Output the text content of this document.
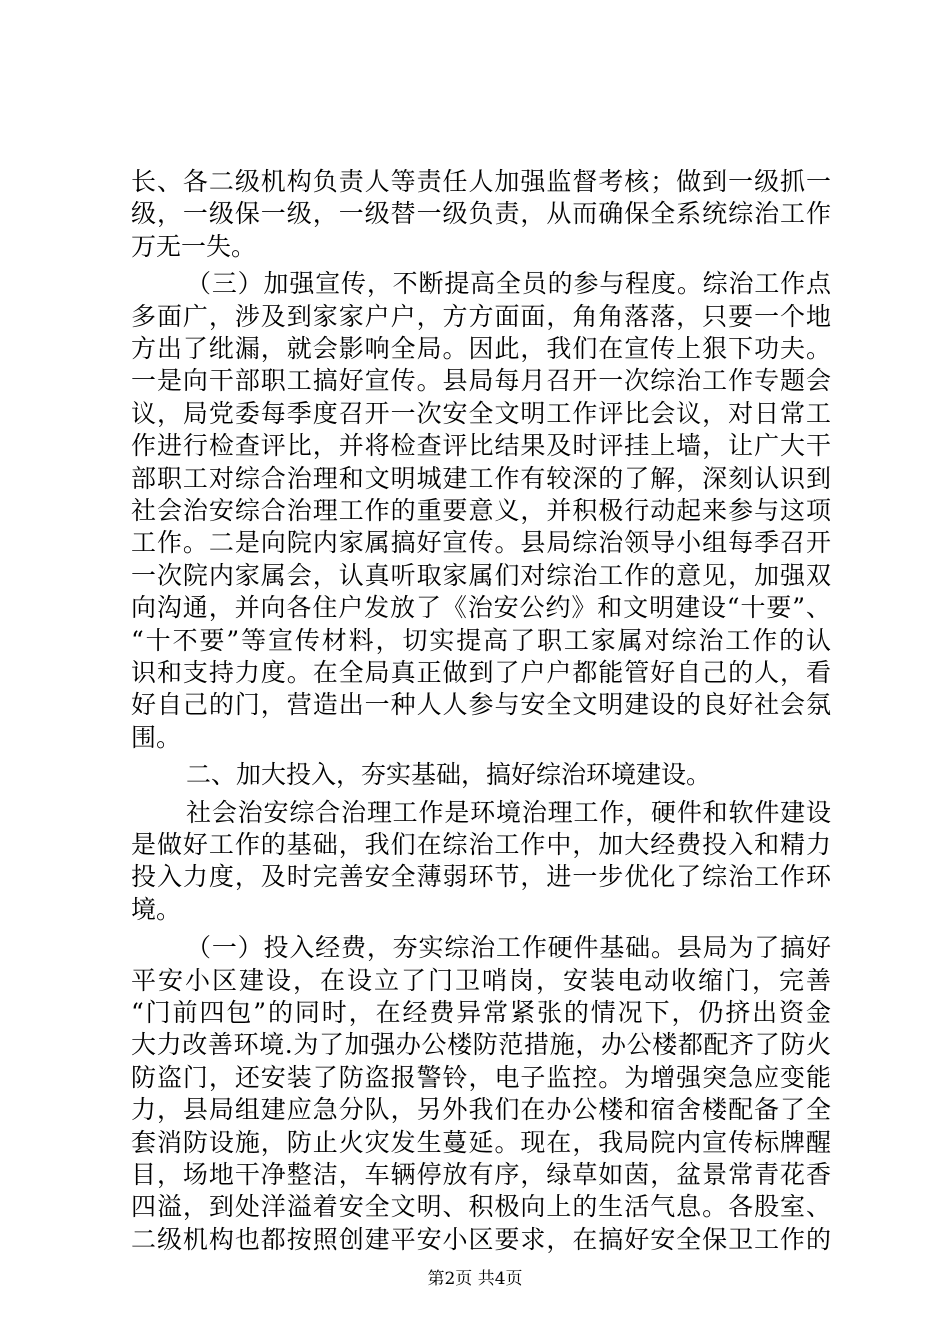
长、各二级机构负责人等责任人加强监督考核；做到一级抓一
级，一级保一级，一级替一级负责，从而确保全系统综治工作
万无一失。
（三）加强宣传，不断提高全员的参与程度。综治工作点
多面广，涉及到家家户户，方方面面，角角落落，只要一个地
方出了纰漏，就会影响全局。因此，我们在宣传上狠下功夫。
一是向干部职工搞好宣传。县局每月召开一次综治工作专题会
议，局党委每季度召开一次安全文明工作评比会议，对日常工
作进行检查评比，并将检查评比结果及时评挂上墙，让广大干
部职工对综合治理和文明城建工作有较深的了解，深刻认识到
社会治安综合治理工作的重要意义，并积极行动起来参与这项
工作。二是向院内家属搞好宣传。县局综治领导小组每季召开
一次院内家属会，认真听取家属们对综治工作的意见，加强双
向沟通，并向各住户发放了《治安公约》和文明建设“十要”、
“十不要”等宣传材料，切实提高了职工家属对综治工作的认
识和支持力度。在全局真正做到了户户都能管好自己的人，看
好自己的门，营造出一种人人参与安全文明建设的良好社会氛
围。
二、加大投入，夯实基础，搞好综治环境建设。
社会治安综合治理工作是环境治理工作，硬件和软件建设
是做好工作的基础，我们在综治工作中，加大经费投入和精力
投入力度，及时完善安全薄弱环节，进一步优化了综治工作环
境。
（一）投入经费，夯实综治工作硬件基础。县局为了搞好
平安小区建设，在设立了门卫哨岗，安装电动收缩门，完善
“门前四包”的同时，在经费异常紧张的情况下，仍挤出资金
大力改善环境.为了加强办公楼防范措施，办公楼都配齐了防火
防盗门，还安装了防盗报警铃，电子监控。为增强突急应变能
力，县局组建应急分队，另外我们在办公楼和宿舍楼配备了全
套消防设施，防止火灾发生蔓延。现在，我局院内宣传标牌醒
目，场地干净整洁，车辆停放有序，绿草如茵，盆景常青花香
四溢，到处洋溢着安全文明、积极向上的生活气息。各股室、
二级机构也都按照创建平安小区要求，在搞好安全保卫工作的
第2页 共4页
